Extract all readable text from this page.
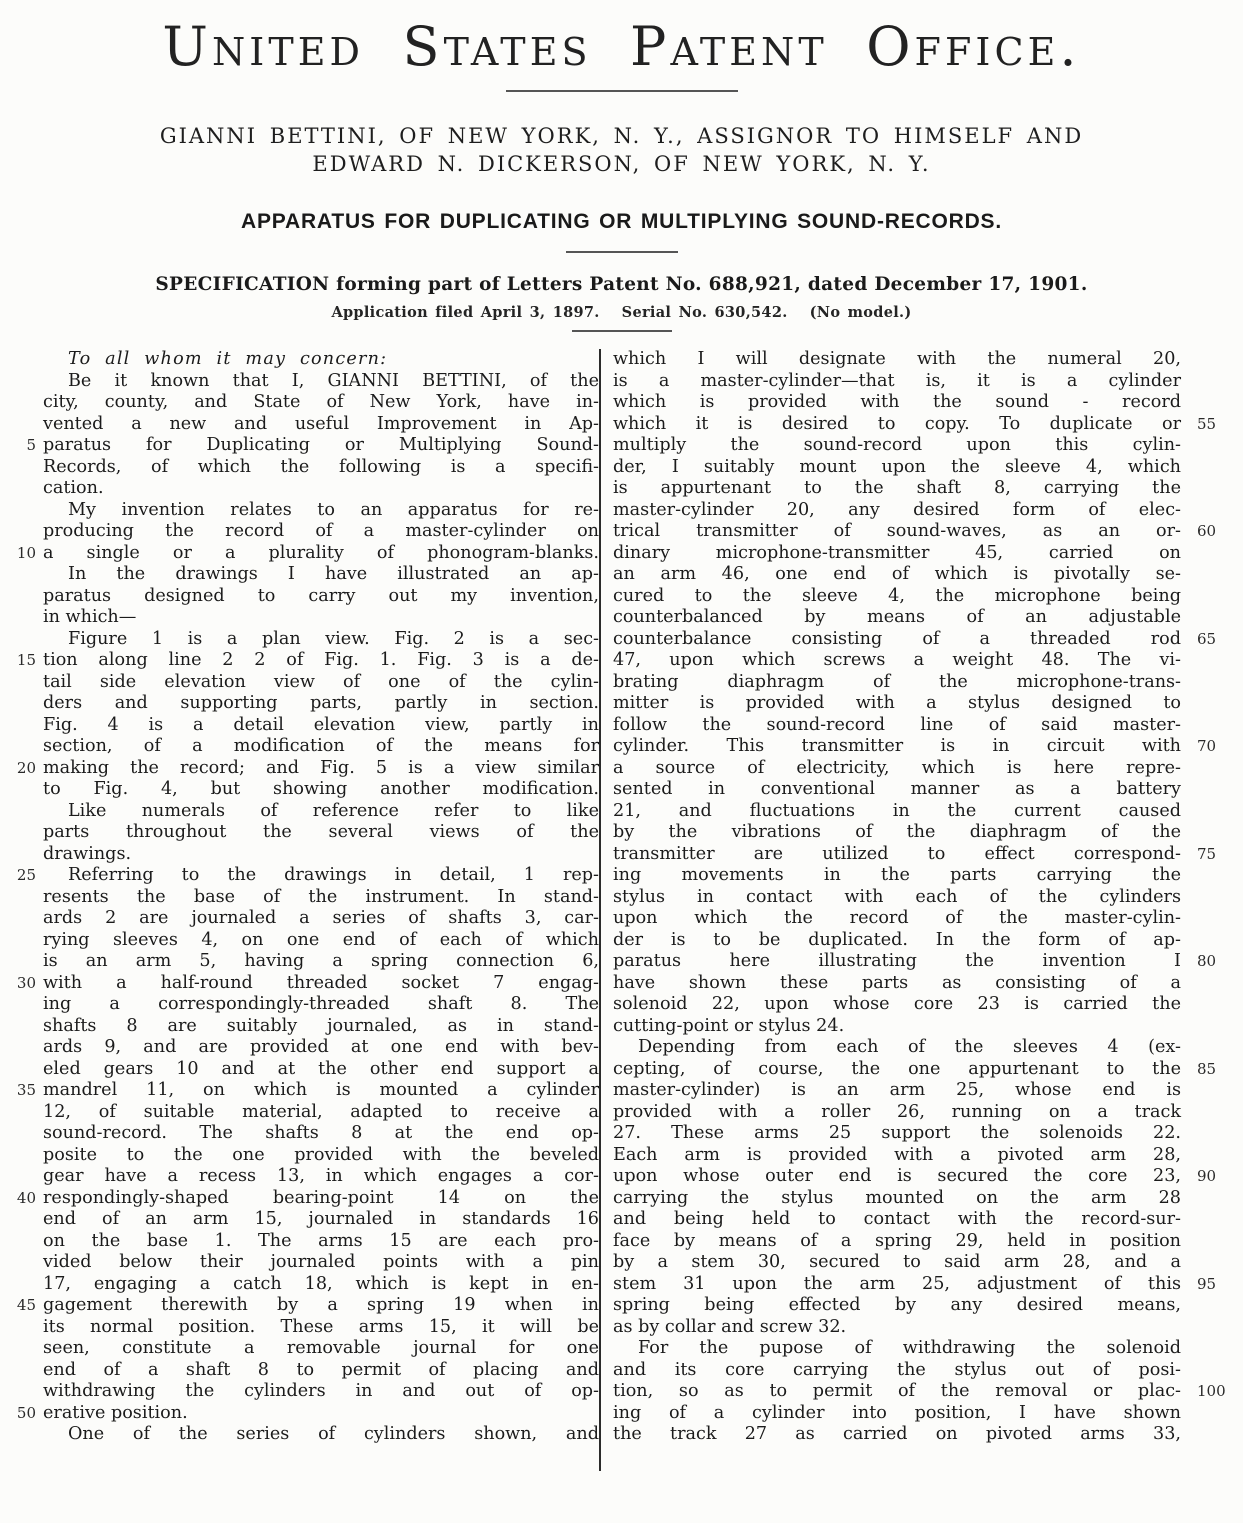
United States Patent Office.
GIANNI BETTINI, OF NEW YORK, N. Y., ASSIGNOR TO HIMSELF AND
EDWARD N. DICKERSON, OF NEW YORK, N. Y.
APPARATUS FOR DUPLICATING OR MULTIPLYING SOUND-RECORDS.
SPECIFICATION forming part of Letters Patent No. 688,921, dated December 17, 1901.
Application filed April 3, 1897.   Serial No. 630,542.   (No model.)
To all whom it may concern:
Be it known that I, GIANNI BETTINI, of the
city, county, and State of New York, have in-
vented a new and useful Improvement in Ap-
5 paratus for Duplicating or Multiplying Sound-
Records, of which the following is a specifi-
cation.
My invention relates to an apparatus for re-
producing the record of a master-cylinder on
10 a single or a plurality of phonogram-blanks.
In the drawings I have illustrated an ap-
paratus designed to carry out my invention,
in which—
Figure 1 is a plan view. Fig. 2 is a sec-
15 tion along line 2 2 of Fig. 1. Fig. 3 is a de-
tail side elevation view of one of the cylin-
ders and supporting parts, partly in section.
Fig. 4 is a detail elevation view, partly in
section, of a modification of the means for
20 making the record; and Fig. 5 is a view similar
to Fig. 4, but showing another modification.
Like numerals of reference refer to like
parts throughout the several views of the
drawings.
25	Referring to the drawings in detail, 1 rep-
resents the base of the instrument. In stand-
ards 2 are journaled a series of shafts 3, car-
rying sleeves 4, on one end of each of which
is an arm 5, having a spring connection 6,
30 with a half-round threaded socket 7 engag-
ing a correspondingly-threaded shaft 8. The
shafts 8 are suitably journaled, as in stand-
ards 9, and are provided at one end with bev-
eled gears 10 and at the other end support a
35 mandrel 11, on which is mounted a cylinder
12, of suitable material, adapted to receive a
sound-record. The shafts 8 at the end op-
posite to the one provided with the beveled
gear have a recess 13, in which engages a cor-
40 respondingly-shaped bearing-point 14 on the
end of an arm 15, journaled in standards 16
on the base 1. The arms 15 are each pro-
vided below their journaled points with a pin
17, engaging a catch 18, which is kept in en-
45 gagement therewith by a spring 19 when in
its normal position. These arms 15, it will be
seen, constitute a removable journal for one
end of a shaft 8 to permit of placing and
withdrawing the cylinders in and out of op-
50 erative position.
One of the series of cylinders shown, and
which I will designate with the numeral 20,
is a master-cylinder—that is, it is a cylinder
which is provided with the sound - record
which it is desired to copy. To duplicate or	55
multiply the sound-record upon this cylin-
der, I suitably mount upon the sleeve 4, which
is appurtenant to the shaft 8, carrying the
master-cylinder 20, any desired form of elec-
trical transmitter of sound-waves, as an or-	60
dinary microphone-transmitter 45, carried on
an arm 46, one end of which is pivotally se-
cured to the sleeve 4, the microphone being
counterbalanced by means of an adjustable
counterbalance consisting of a threaded rod	65
47, upon which screws a weight 48. The vi-
brating diaphragm of the microphone-trans-
mitter is provided with a stylus designed to
follow the sound-record line of said master-
cylinder. This transmitter is in circuit with	70
a source of electricity, which is here repre-
sented in conventional manner as a battery
21, and fluctuations in the current caused
by the vibrations of the diaphragm of the
transmitter are utilized to effect correspond-	75
ing movements in the parts carrying the
stylus in contact with each of the cylinders
upon which the record of the master-cylin-
der is to be duplicated. In the form of ap-
paratus here illustrating the invention I	80
have shown these parts as consisting of a
solenoid 22, upon whose core 23 is carried the
cutting-point or stylus 24.
Depending from each of the sleeves 4 (ex-
cepting, of course, the one appurtenant to the	85
master-cylinder) is an arm 25, whose end is
provided with a roller 26, running on a track
27. These arms 25 support the solenoids 22.
Each arm is provided with a pivoted arm 28,
upon whose outer end is secured the core 23,	90
carrying the stylus mounted on the arm 28
and being held to contact with the record-sur-
face by means of a spring 29, held in position
by a stem 30, secured to said arm 28, and a
stem 31 upon the arm 25, adjustment of this	95
spring being effected by any desired means,
as by collar and screw 32.
For the pupose of withdrawing the solenoid
and its core carrying the stylus out of posi-
tion, so as to permit of the removal or plac-	100
ing of a cylinder into position, I have shown
the track 27 as carried on pivoted arms 33,
